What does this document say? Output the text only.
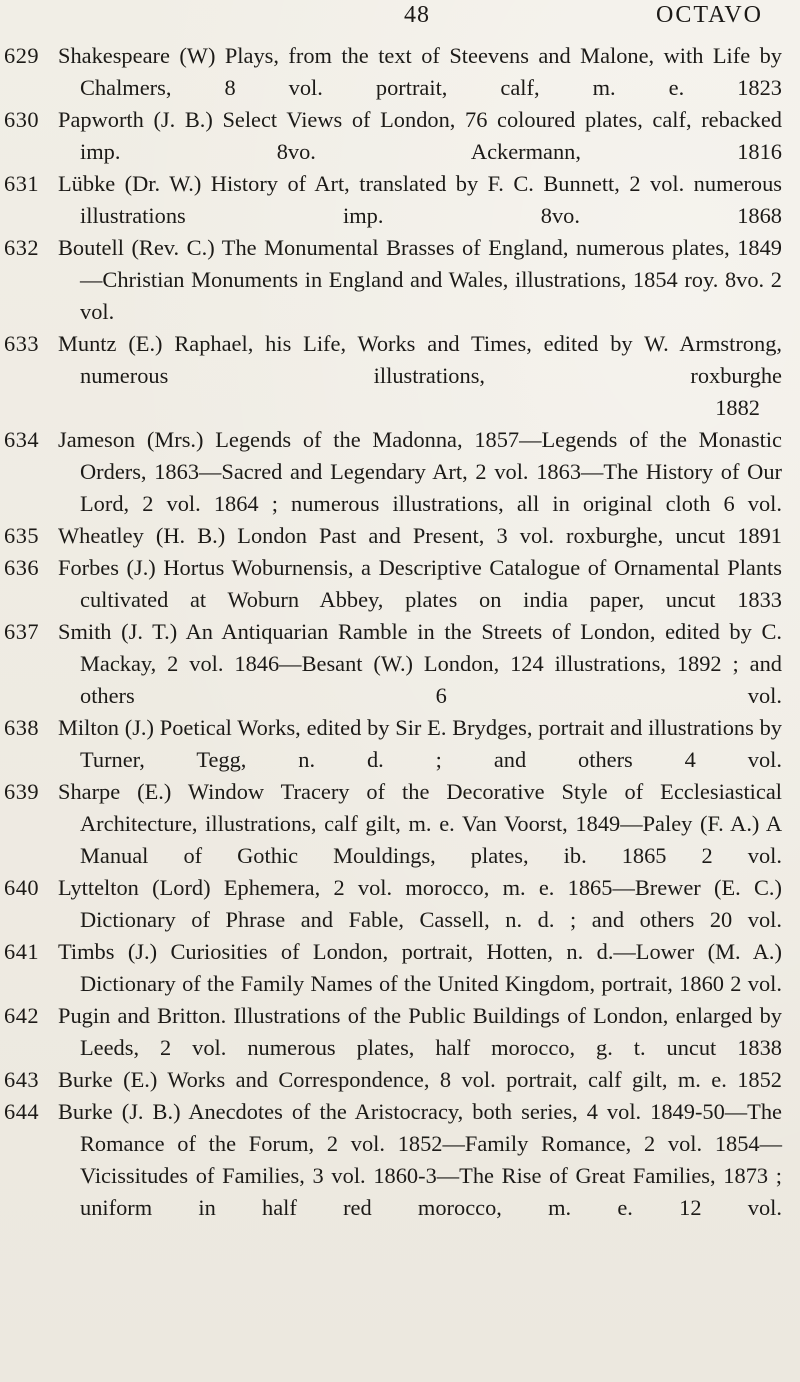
48	OCTAVO
629 Shakespeare (W) Plays, from the text of Steevens and Malone, with Life by Chalmers, 8 vol. portrait, calf, m. e. 1823
630 Papworth (J. B.) Select Views of London, 76 coloured plates, calf, rebacked imp. 8vo. Ackermann, 1816
631 Lübke (Dr. W.) History of Art, translated by F. C. Bunnett, 2 vol. numerous illustrations imp. 8vo. 1868
632 Boutell (Rev. C.) The Monumental Brasses of England, numerous plates, 1849—Christian Monuments in England and Wales, illustrations, 1854 roy. 8vo. 2 vol.
633 Muntz (E.) Raphael, his Life, Works and Times, edited by W. Armstrong, numerous illustrations, roxburghe
1882
634 Jameson (Mrs.) Legends of the Madonna, 1857—Legends of the Monastic Orders, 1863—Sacred and Legendary Art, 2 vol. 1863—The History of Our Lord, 2 vol. 1864 ; numerous illustrations, all in original cloth 6 vol.
635 Wheatley (H. B.) London Past and Present, 3 vol. roxburghe, uncut 1891
636 Forbes (J.) Hortus Woburnensis, a Descriptive Catalogue of Ornamental Plants cultivated at Woburn Abbey, plates on india paper, uncut 1833
637 Smith (J. T.) An Antiquarian Ramble in the Streets of London, edited by C. Mackay, 2 vol. 1846—Besant (W.) London, 124 illustrations, 1892 ; and others 6 vol.
638 Milton (J.) Poetical Works, edited by Sir E. Brydges, portrait and illustrations by Turner, Tegg, n. d. ; and others 4 vol.
639 Sharpe (E.) Window Tracery of the Decorative Style of Ecclesiastical Architecture, illustrations, calf gilt, m. e. Van Voorst, 1849—Paley (F. A.) A Manual of Gothic Mouldings, plates, ib. 1865 2 vol.
640 Lyttelton (Lord) Ephemera, 2 vol. morocco, m. e. 1865—Brewer (E. C.) Dictionary of Phrase and Fable, Cassell, n. d. ; and others 20 vol.
641 Timbs (J.) Curiosities of London, portrait, Hotten, n. d.—Lower (M. A.) Dictionary of the Family Names of the United Kingdom, portrait, 1860 2 vol.
642 Pugin and Britton. Illustrations of the Public Buildings of London, enlarged by Leeds, 2 vol. numerous plates, half morocco, g. t. uncut 1838
643 Burke (E.) Works and Correspondence, 8 vol. portrait, calf gilt, m. e. 1852
644 Burke (J. B.) Anecdotes of the Aristocracy, both series, 4 vol. 1849-50—The Romance of the Forum, 2 vol. 1852—Family Romance, 2 vol. 1854—Vicissitudes of Families, 3 vol. 1860-3—The Rise of Great Families, 1873 ; uniform in half red morocco, m. e. 12 vol.
